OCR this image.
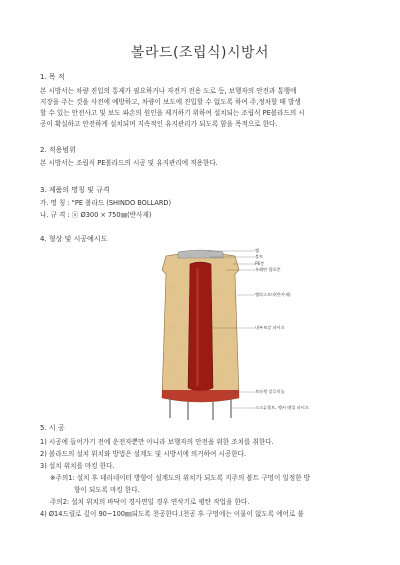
볼라드(조립식)시방서
1. 목 적
본 시방서는 차량 진입의 통제가 필요하거나 자전거 전용 도로 등, 보행자의 안전과 통행에
지장을 주는 것을 사전에 예방하고, 차량이 보도에 진입할 수 없도록 하여 주,정차할 때 발생
할 수 있는 안전사고 및 보도 파손의 원인을 제거하기 위하여 설치되는 조립식 PE볼라드의 시
공이 확실하고 안전하게 설치되며 지속적인 유지관리가 되도록 함을 목적으로 한다.
2. 적용범위
본 시방서는 조립식 PE볼라드의 시공 및 유지관리에 적용한다.
3. 제품의 명칭 및 규격
가. 명 칭 : "PE 볼라드 (SHINDO BOLLARD)
나. 규 격 : ⓐ Ø300 × 750㎜(반사재)
4. 형상 및 시공예시도
캡
볼트
PE층
우레탄 발포층
엘라스토머(반사재)
내부보강 파이프
브라켓 알루미늄
스크류볼트, 앵커 매입 파이프
5. 시 공
1) 시공에 들어가기 전에 운전자뿐만 아니라 보행자의 안전을 위한 조치를 취한다.
2) 볼라드의 설치 위치와 방법은 설계도 및 시방서에 의거하여 시공한다.
3) 설치 위치를 마킹 한다.
※주의1: 설치 후 데리네이터 방향이 설계도의 위치가 되도록 지주의 볼트 구멍이 일정한 방
향이 되도록 마킹 한다.
주의2: 설치 위치의 바닥이 경사면일 경우 연삭기로 평탄 작업을 한다.
4) Ø14드릴로 깊이 90~100㎜되도록 천공한다.(천공 후 구멍에는 이물이 없도록 에어로 불
